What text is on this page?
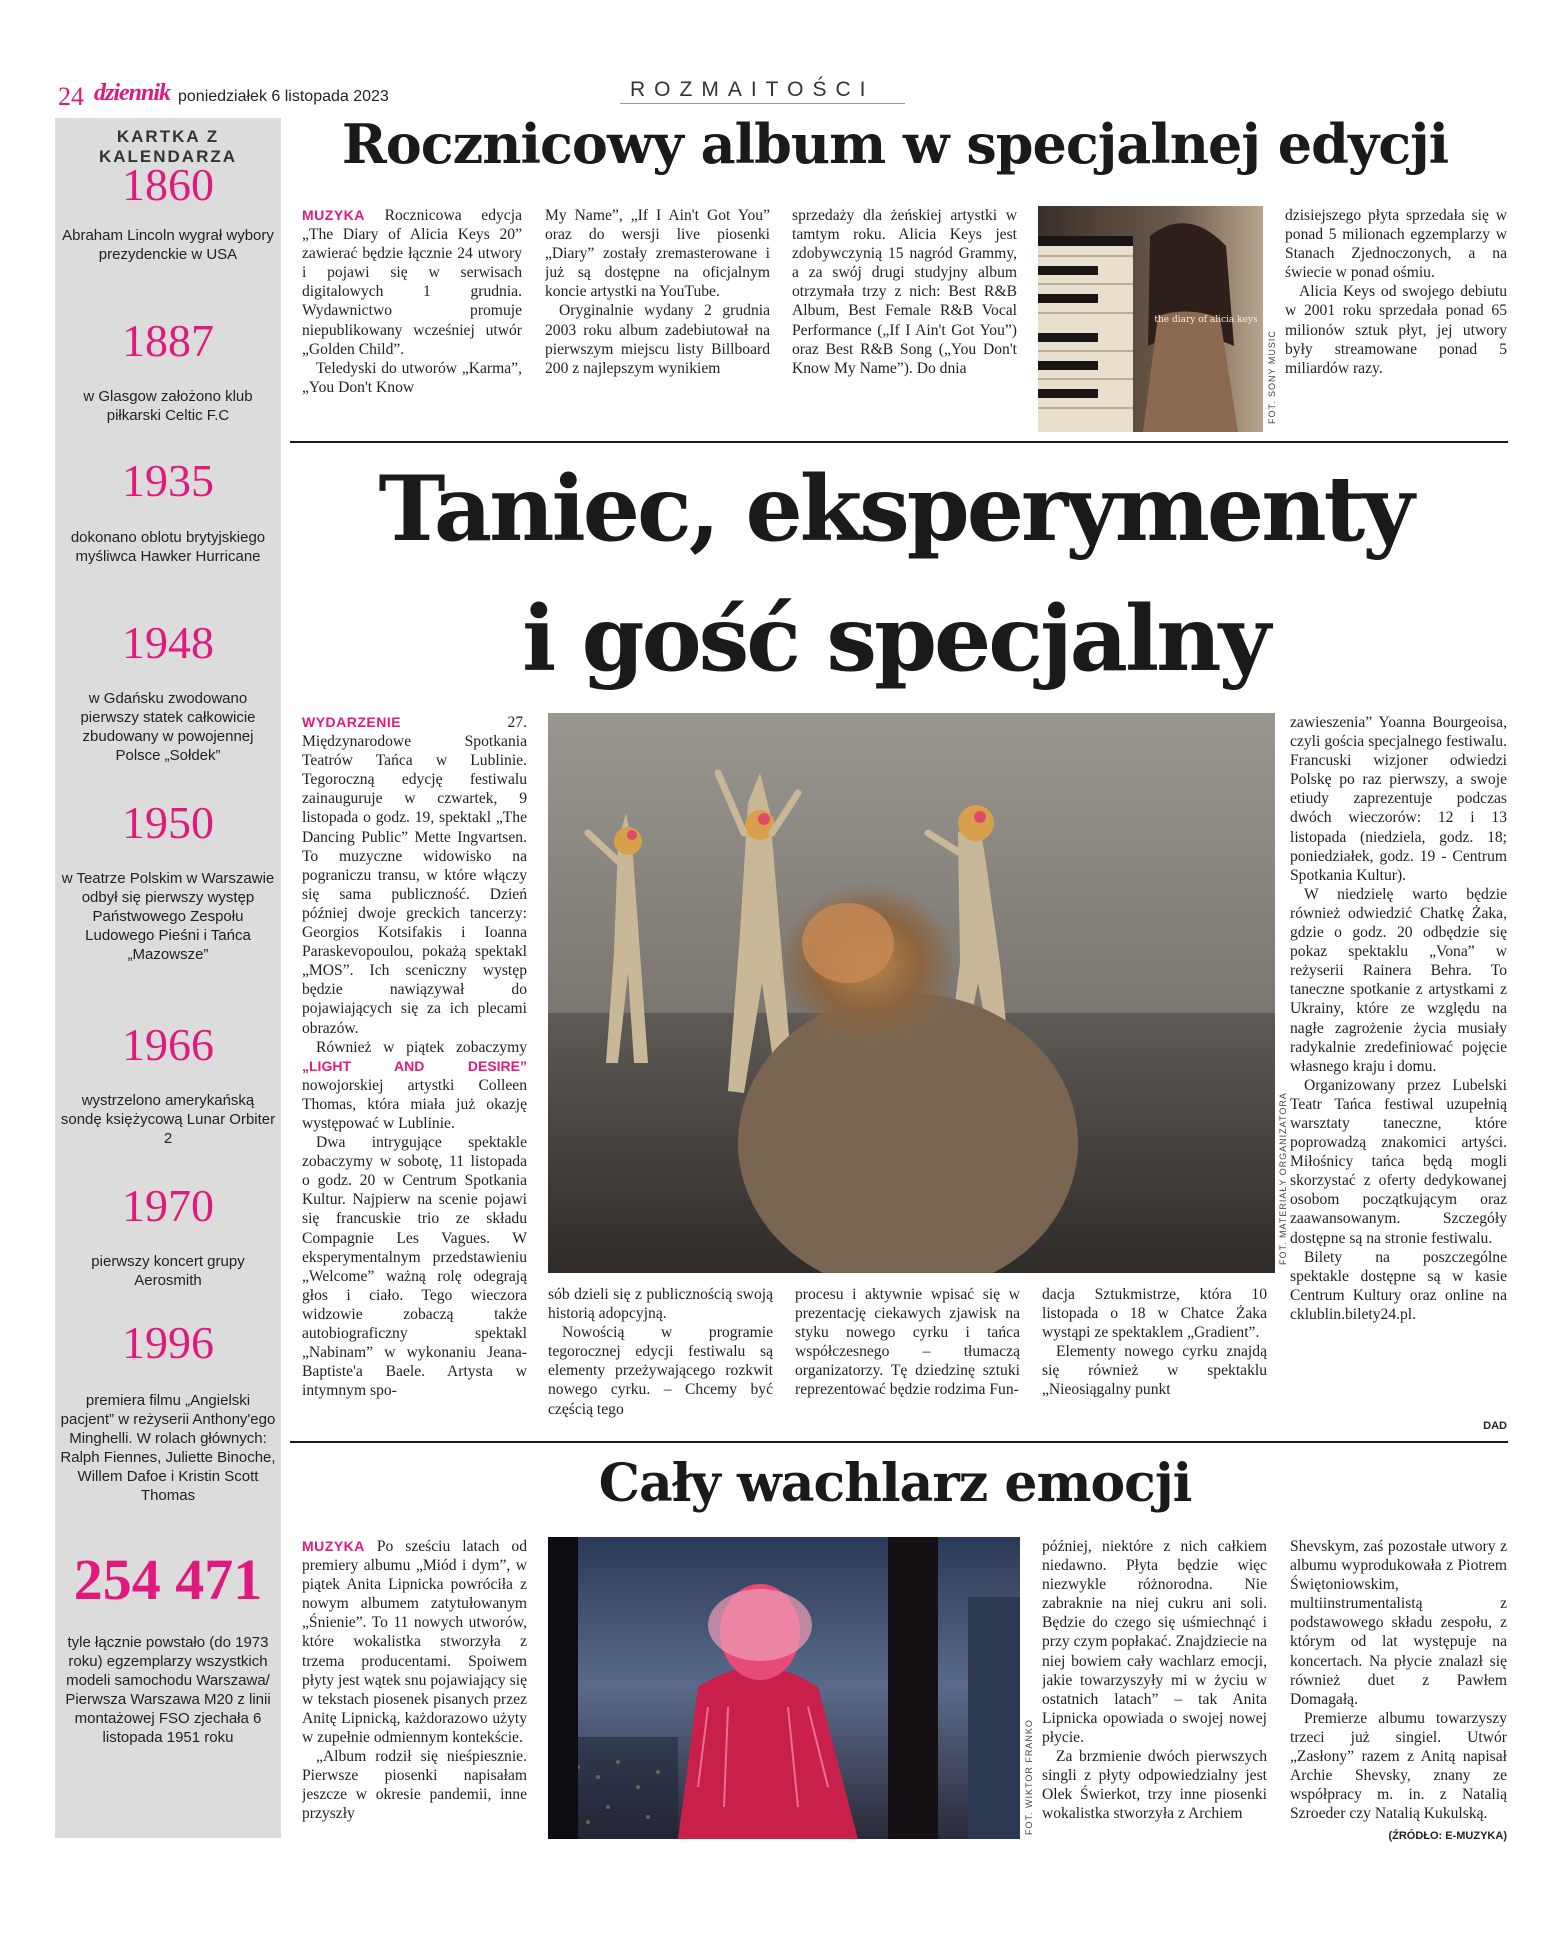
24 dziennik poniedziałek 6 listopada 2023	ROZMAITOŚCI
KARTKA Z KALENDARZA
1860
Abraham Lincoln wygrał wybory prezydenckie w USA
1887
w Glasgow założono klub piłkarski Celtic F.C
1935
dokonano oblotu brytyjskiego myśliwca Hawker Hurricane
1948
w Gdańsku zwodowano pierwszy statek całkowicie zbudowany w powojennej Polsce „Sołdek”
1950
w Teatrze Polskim w Warszawie odbył się pierwszy występ Państwowego Zespołu Ludowego Pieśni i Tańca „Mazowsze”
1966
wystrzelono amerykańską sondę księżycową Lunar Orbiter 2
1970
pierwszy koncert grupy Aerosmith
1996
premiera filmu „Angielski pacjent” w reżyserii Anthony'ego Minghelli. W rolach głównych: Ralph Fiennes, Juliette Binoche, Willem Dafoe i Kristin Scott Thomas
254 471
tyle łącznie powstało (do 1973 roku) egzemplarzy wszystkich modeli samochodu Warszawa/ Pierwsza Warszawa M20 z linii montażowej FSO zjechała 6 listopada 1951 roku
Rocznicowy album w specjalnej edycji

MUZYKA Rocznicowa edycja „The Diary of Alicia Keys 20” zawierać będzie łącznie 24 utwory i pojawi się w serwisach digitalowych 1 grudnia. Wydawnictwo promuje niepublikowany wcześniej utwór „Golden Child”.

Teledyski do utworów „Karma”, „You Don't Know

My Name”, „If I Ain't Got You” oraz do wersji live piosenki „Diary” zostały zremasterowane i już są dostępne na oficjalnym koncie artystki na YouTube.

Oryginalnie wydany 2 grudnia 2003 roku album zadebiutował na pierwszym miejscu listy Billboard 200 z najlepszym wynikiem

sprzedaży dla żeńskiej artystki w tamtym roku. Alicia Keys jest zdobywczynią 15 nagród Grammy, a za swój drugi studyjny album otrzymała trzy z nich: Best R&B Album, Best Female R&B Vocal Performance („If I Ain't Got You”) oraz Best R&B Song („You Don't Know My Name”). Do dnia

the diary of alicia keys
FOT. SONY MUSIC

dzisiejszego płyta sprzedała się w ponad 5 milionach egzemplarzy w Stanach Zjednoczonych, a na świecie w ponad ośmiu.

Alicia Keys od swojego debiutu w 2001 roku sprzedała ponad 65 milionów sztuk płyt, jej utwory były streamowane ponad 5 miliardów razy.

Taniec, eksperymenty
i gość specjalny

WYDARZENIE	27. Międzynarodowe Spotkania Teatrów Tańca w Lublinie. Tegoroczną edycję festiwalu zainauguruje w czwartek, 9 listopada o godz. 19, spektakl „The Dancing Public” Mette Ingvartsen. To muzyczne widowisko na pograniczu transu, w które włączy się sama publiczność. Dzień później dwoje greckich tancerzy: Georgios Kotsifakis i Ioanna Paraskevopoulou, pokażą spektakl „MOS”. Ich sceniczny występ będzie nawiązywał do pojawiających się za ich plecami obrazów.

Również w piątek zobaczymy „LIGHT AND DESIRE” nowojorskiej artystki Colleen Thomas, która miała już okazję występować w Lublinie.

Dwa intrygujące spektakle zobaczymy w sobotę, 11 listopada o godz. 20 w Centrum Spotkania Kultur. Najpierw na scenie pojawi się francuskie trio ze składu Compagnie Les Vagues. W eksperymentalnym przedstawieniu „Welcome” ważną rolę odegrają głos i ciało. Tego wieczora widzowie zobaczą także autobiograficzny spektakl „Nabinam” w wykonaniu Jeana-Baptiste'a Baele. Artysta w intymnym spo-

FOT. MATERIAŁY ORGANIZATORA

sób dzieli się z publicznością swoją historią adopcyjną.

Nowością w programie tegorocznej edycji festiwalu są elementy przeżywającego rozkwit nowego cyrku. – Chcemy być częścią tego

procesu i aktywnie wpisać się w prezentację ciekawych zjawisk na styku nowego cyrku i tańca współczesnego – tłumaczą organizatorzy. Tę dziedzinę sztuki reprezentować będzie rodzima Fun-

dacja Sztukmistrze, która 10 listopada o 18 w Chatce Żaka wystąpi ze spektaklem „Gradient”.

Elementy nowego cyrku znajdą się również w spektaklu „Nieosiągalny punkt

zawieszenia” Yoanna Bourgeoisa, czyli gościa specjalnego festiwalu. Francuski wizjoner odwiedzi Polskę po raz pierwszy, a swoje etiudy zaprezentuje podczas dwóch wieczorów: 12 i 13 listopada (niedziela, godz. 18; poniedziałek, godz. 19 - Centrum Spotkania Kultur).

W niedzielę warto będzie również odwiedzić Chatkę Żaka, gdzie o godz. 20 odbędzie się pokaz spektaklu „Vona” w reżyserii Rainera Behra. To taneczne spotkanie z artystkami z Ukrainy, które ze względu na nagłe zagrożenie życia musiały radykalnie zredefiniować pojęcie własnego kraju i domu.

Organizowany przez Lubelski Teatr Tańca festiwal uzupełnią warsztaty taneczne, które poprowadzą znakomici artyści. Miłośnicy tańca będą mogli skorzystać z oferty dedykowanej osobom początkującym oraz zaawansowanym. Szczegóły dostępne są na stronie festiwalu.

Bilety na poszczególne spektakle dostępne są w kasie Centrum Kultury oraz online na cklublin.bilety24.pl.

DAD
Cały wachlarz emocji

MUZYKA Po sześciu latach od premiery albumu „Miód i dym”, w piątek Anita Lipnicka powróciła z nowym albumem zatytułowanym „Śnienie”. To 11 nowych utworów, które wokalistka stworzyła z trzema producentami. Spoiwem płyty jest wątek snu pojawiający się w tekstach piosenek pisanych przez Anitę Lipnicką, każdorazowo użyty w zupełnie odmiennym kontekście.

„Album rodził się nieśpiesznie. Pierwsze piosenki napisałam jeszcze w okresie pandemii, inne przyszły	FOT. WIKTOR FRANKO

później, niektóre z nich całkiem niedawno. Płyta będzie więc niezwykle różnorodna. Nie zabraknie na niej cukru ani soli. Będzie do czego się uśmiechnąć i przy czym popłakać. Znajdziecie na niej bowiem cały wachlarz emocji, jakie towarzyszyły mi w życiu w ostatnich latach” – tak Anita Lipnicka opowiada o swojej nowej płycie.

Za brzmienie dwóch pierwszych singli z płyty odpowiedzialny jest Olek Świerkot, trzy inne piosenki wokalistka stworzyła z Archiem

Shevskym, zaś pozostałe utwory z albumu wyprodukowała z Piotrem Świętoniowskim, multiinstrumentalistą z podstawowego składu zespołu, z którym od lat występuje na koncertach. Na płycie znalazł się również duet z Pawłem Domagałą.

Premierze albumu towarzyszy trzeci już singiel. Utwór „Zasłony” razem z Anitą napisał Archie Shevsky, znany ze współpracy m. in. z Natalią Szroeder czy Natalią Kukulską.

(ŹRÓDŁO: E-MUZYKA)
